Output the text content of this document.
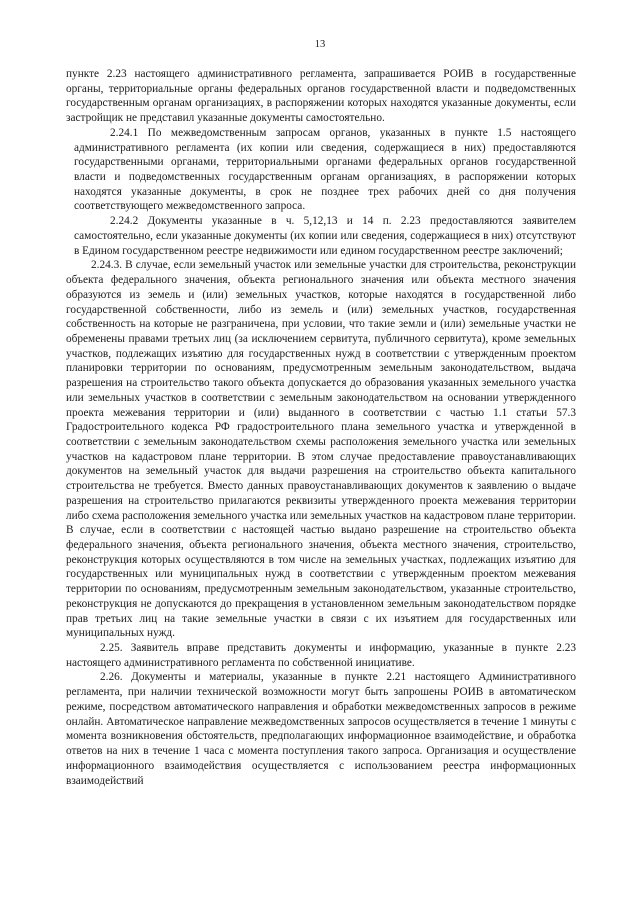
13

пункте 2.23 настоящего административного регламента, запрашивается РОИВ в государственные органы, территориальные органы федеральных органов государственной власти и подведомственных государственным органам организациях, в распоряжении которых находятся указанные документы, если застройщик не представил указанные документы самостоятельно.

2.24.1 По межведомственным запросам органов, указанных в пункте 1.5 настоящего административного регламента (их копии или сведения, содержащиеся в них) предоставляются государственными органами, территориальными органами федеральных органов государственной власти и подведомственных государственным органам организациях, в распоряжении которых находятся указанные документы, в срок не позднее трех рабочих дней со дня получения соответствующего межведомственного запроса.

2.24.2 Документы указанные в ч. 5,12,13 и 14 п. 2.23 предоставляются заявителем самостоятельно, если указанные документы (их копии или сведения, содержащиеся в них) отсутствуют в Едином государственном реестре недвижимости или едином государственном реестре заключений;

2.24.3. В случае, если земельный участок или земельные участки для строительства, реконструкции объекта федерального значения, объекта регионального значения или объекта местного значения образуются из земель и (или) земельных участков, которые находятся в государственной либо государственной собственности, либо из земель и (или) земельных участков, государственная собственность на которые не разграничена, при условии, что такие земли и (или) земельные участки не обременены правами третьих лиц (за исключением сервитута, публичного сервитута), кроме земельных участков, подлежащих изъятию для государственных нужд в соответствии с утвержденным проектом планировки территории по основаниям, предусмотренным земельным законодательством, выдача разрешения на строительство такого объекта допускается до образования указанных земельного участка или земельных участков в соответствии с земельным законодательством на основании утвержденного проекта межевания территории и (или) выданного в соответствии с частью 1.1 статьи 57.3 Градостроительного кодекса РФ градостроительного плана земельного участка и утвержденной в соответствии с земельным законодательством схемы расположения земельного участка или земельных участков на кадастровом плане территории. В этом случае предоставление правоустанавливающих документов на земельный участок для выдачи разрешения на строительство объекта капитального строительства не требуется. Вместо данных правоустанавливающих документов к заявлению о выдаче разрешения на строительство прилагаются реквизиты утвержденного проекта межевания территории либо схема расположения земельного участка или земельных участков на кадастровом плане территории. В случае, если в соответствии с настоящей частью выдано разрешение на строительство объекта федерального значения, объекта регионального значения, объекта местного значения, строительство, реконструкция которых осуществляются в том числе на земельных участках, подлежащих изъятию для государственных или муниципальных нужд в соответствии с утвержденным проектом межевания территории по основаниям, предусмотренным земельным законодательством, указанные строительство, реконструкция не допускаются до прекращения в установленном земельным законодательством порядке прав третьих лиц на такие земельные участки в связи с их изъятием для государственных или муниципальных нужд.

2.25. Заявитель вправе представить документы и информацию, указанные в пункте 2.23 настоящего административного регламента по собственной инициативе.

2.26. Документы и материалы, указанные в пункте 2.21 настоящего Административного регламента, при наличии технической возможности могут быть запрошены РОИВ в автоматическом режиме, посредством автоматического направления и обработки межведомственных запросов в режиме онлайн. Автоматическое направление межведомственных запросов осуществляется в течение 1 минуты с момента возникновения обстоятельств, предполагающих информационное взаимодействие, и обработка ответов на них в течение 1 часа с момента поступления такого запроса. Организация и осуществление информационного взаимодействия осуществляется с использованием реестра информационных взаимодействий
